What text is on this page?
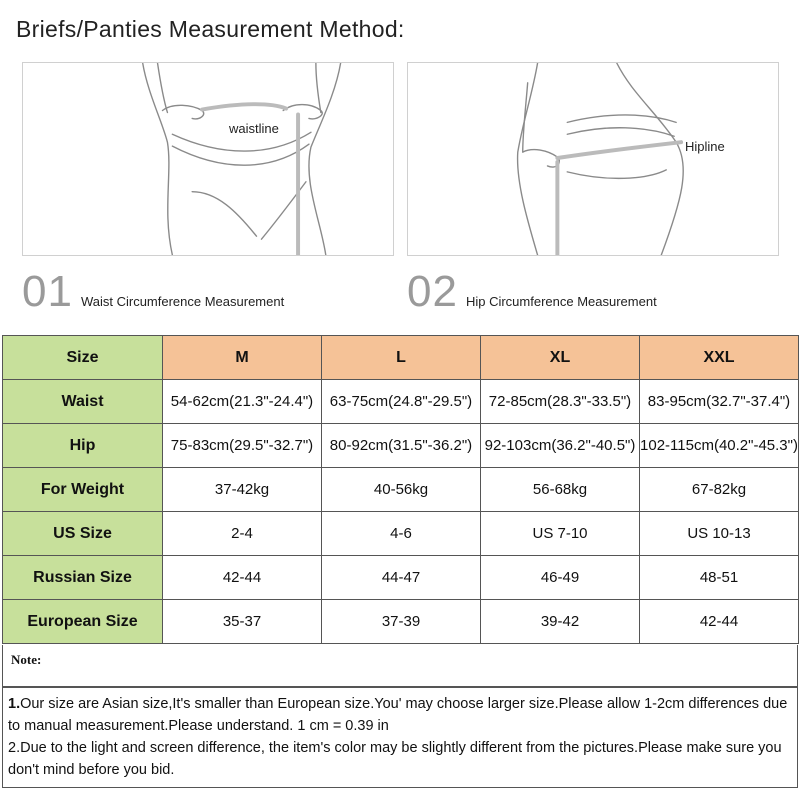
Briefs/Panties Measurement Method:
waistline
Hipline
01 Waist Circumference Measurement	02 Hip Circumference Measurement
Size	M	L	XL	XXL
Waist	54-62cm(21.3"-24.4")	63-75cm(24.8"-29.5")	72-85cm(28.3"-33.5")	83-95cm(32.7"-37.4")
Hip	75-83cm(29.5"-32.7")	80-92cm(31.5"-36.2")	92-103cm(36.2"-40.5")	102-115cm(40.2"-45.3")
For Weight	37-42kg	40-56kg	56-68kg	67-82kg
US Size	2-4	4-6	US 7-10	US 10-13
Russian Size	42-44	44-47	46-49	48-51
European Size	35-37	37-39	39-42	42-44
Note:
1.Our size are Asian size,It's smaller than European size.You' may choose larger size.Please allow 1-2cm differences due to manual measurement.Please understand. 1 cm = 0.39 in
2.Due to the light and screen difference, the item's color may be slightly different from the pictures.Please make sure you don't mind before you bid.
